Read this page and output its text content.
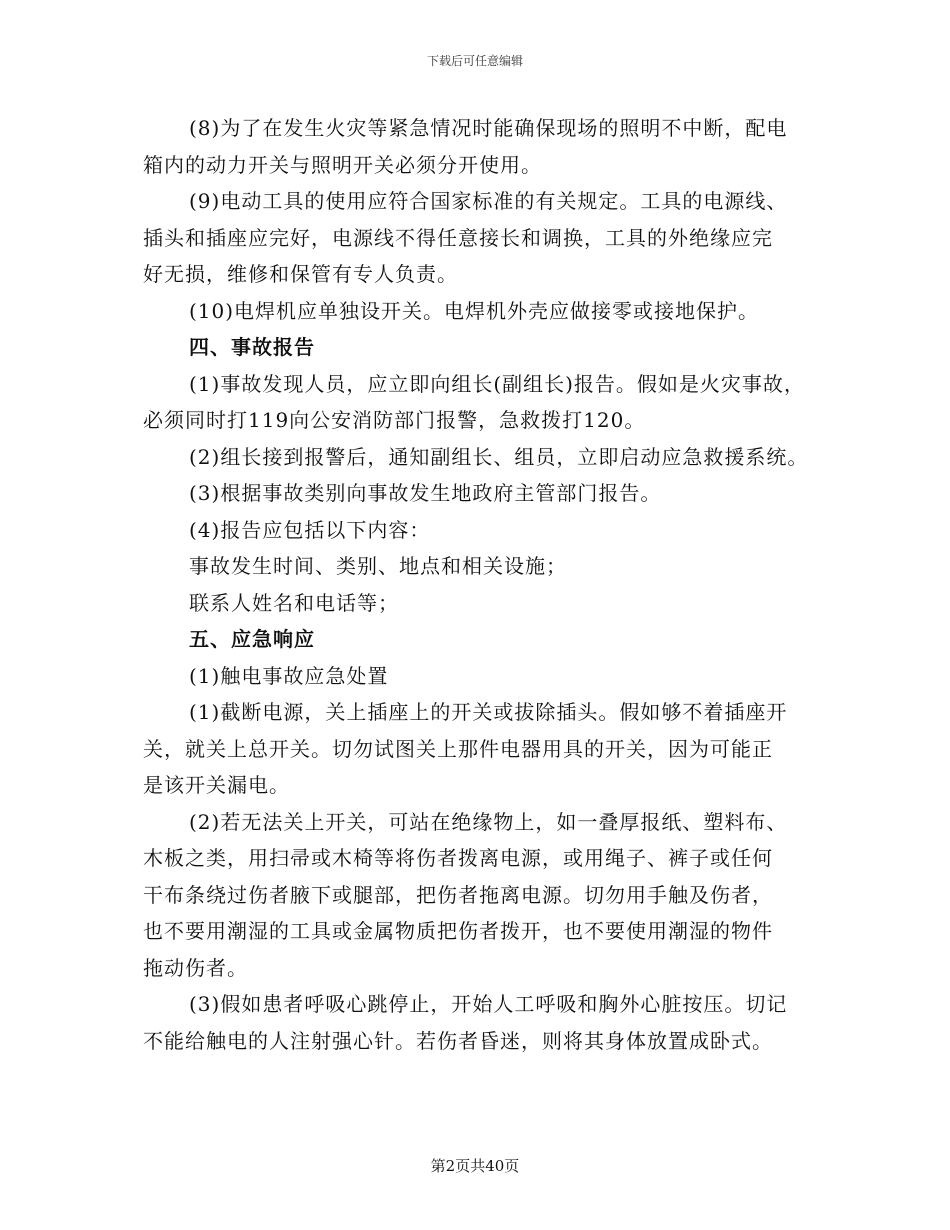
下载后可任意编辑

(8)为了在发生火灾等紧急情况时能确保现场的照明不中断，配电

箱内的动力开关与照明开关必须分开使用。

(9)电动工具的使用应符合国家标准的有关规定。工具的电源线、

插头和插座应完好，电源线不得任意接长和调换，工具的外绝缘应完

好无损，维修和保管有专人负责。

(10)电焊机应单独设开关。电焊机外壳应做接零或接地保护。

四、事故报告

(1)事故发现人员，应立即向组长(副组长)报告。假如是火灾事故，

必须同时打119向公安消防部门报警，急救拨打120。

(2)组长接到报警后，通知副组长、组员，立即启动应急救援系统。

(3)根据事故类别向事故发生地政府主管部门报告。

(4)报告应包括以下内容：

事故发生时间、类别、地点和相关设施；

联系人姓名和电话等；

五、应急响应

(1)触电事故应急处置

(1)截断电源，关上插座上的开关或拔除插头。假如够不着插座开

关，就关上总开关。切勿试图关上那件电器用具的开关，因为可能正

是该开关漏电。

(2)若无法关上开关，可站在绝缘物上，如一叠厚报纸、塑料布、

木板之类，用扫帚或木椅等将伤者拨离电源，或用绳子、裤子或任何

干布条绕过伤者腋下或腿部，把伤者拖离电源。切勿用手触及伤者，

也不要用潮湿的工具或金属物质把伤者拨开，也不要使用潮湿的物件

拖动伤者。

(3)假如患者呼吸心跳停止，开始人工呼吸和胸外心脏按压。切记

不能给触电的人注射强心针。若伤者昏迷，则将其身体放置成卧式。

第2页共40页
